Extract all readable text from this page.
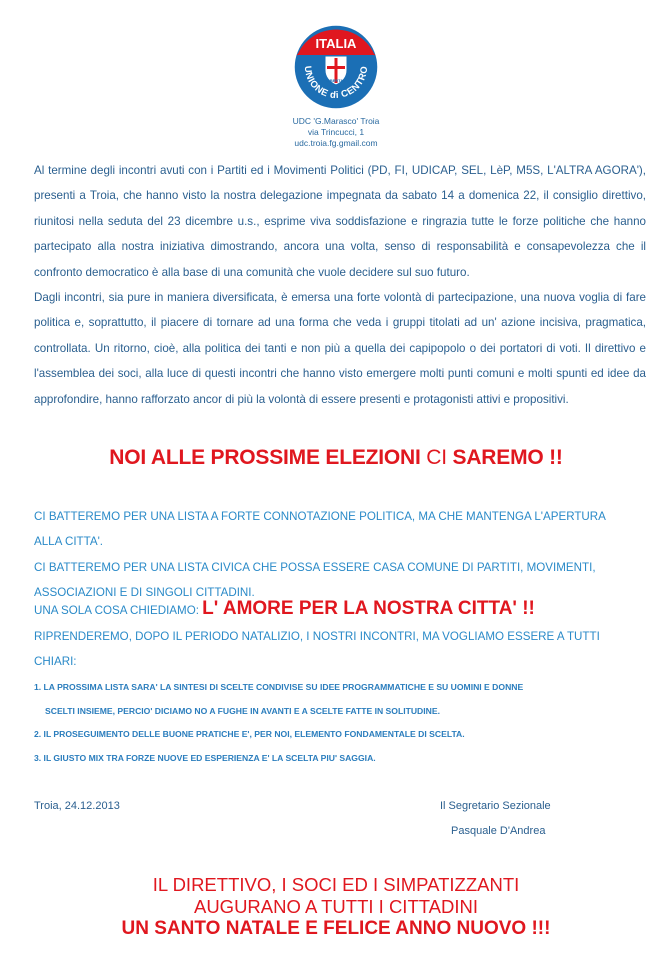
ITALIA
UNIONE di CENTRO
LIBERTAS
UDC 'G.Marasco' Troia
via Trincucci, 1
udc.troia.fg.gmail.com

Al termine degli incontri avuti con i Partiti ed i Movimenti Politici (PD, FI, UDICAP, SEL, LèP, M5S, L'ALTRA AGORA'), presenti a Troia, che hanno visto la nostra delegazione impegnata da sabato 14 a domenica 22, il consiglio direttivo, riunitosi nella seduta del 23 dicembre u.s., esprime viva soddisfazione e ringrazia tutte le forze politiche che hanno partecipato alla nostra iniziativa dimostrando, ancora una volta, senso di responsabilità e consapevolezza che il confronto democratico è alla base di una comunità che vuole decidere sul suo futuro.

Dagli incontri, sia pure in maniera diversificata, è emersa una forte volontà di partecipazione, una nuova voglia di fare politica e, soprattutto, il piacere di tornare ad una forma che veda i gruppi titolati ad un' azione incisiva, pragmatica, controllata. Un ritorno, cioè, alla politica dei tanti e non più a quella dei capipopolo o dei portatori di voti. Il direttivo e l'assemblea dei soci, alla luce di questi incontri che hanno visto emergere molti punti comuni e molti spunti ed idee da approfondire, hanno rafforzato ancor di più la volontà di essere presenti e protagonisti attivi e propositivi.

NOI ALLE PROSSIME ELEZIONI CI SAREMO !!
CI BATTEREMO PER UNA LISTA A FORTE CONNOTAZIONE POLITICA, MA CHE MANTENGA L'APERTURA
ALLA CITTA'.
CI BATTEREMO PER UNA LISTA CIVICA CHE POSSA ESSERE CASA COMUNE DI PARTITI, MOVIMENTI,
ASSOCIAZIONI E DI SINGOLI CITTADINI.
UNA SOLA COSA CHIEDIAMO: L' AMORE PER LA NOSTRA CITTA' !!
RIPRENDEREMO, DOPO IL PERIODO NATALIZIO, I NOSTRI INCONTRI, MA VOGLIAMO ESSERE A TUTTI
CHIARI:
1. LA PROSSIMA LISTA SARA' LA SINTESI DI SCELTE CONDIVISE SU IDEE PROGRAMMATICHE E SU UOMINI E DONNE
SCELTI INSIEME, PERCIO' DICIAMO NO A FUGHE IN AVANTI E A SCELTE FATTE IN SOLITUDINE.
2. IL PROSEGUIMENTO DELLE BUONE PRATICHE E', PER NOI, ELEMENTO FONDAMENTALE DI SCELTA.
3. IL GIUSTO MIX TRA FORZE NUOVE ED ESPERIENZA E' LA SCELTA PIU' SAGGIA.
Troia, 24.12.2013	Il Segretario Sezionale
Pasquale D'Andrea
IL DIRETTIVO, I SOCI ED I SIMPATIZZANTI
AUGURANO A TUTTI I CITTADINI
UN SANTO NATALE E FELICE ANNO NUOVO !!!
